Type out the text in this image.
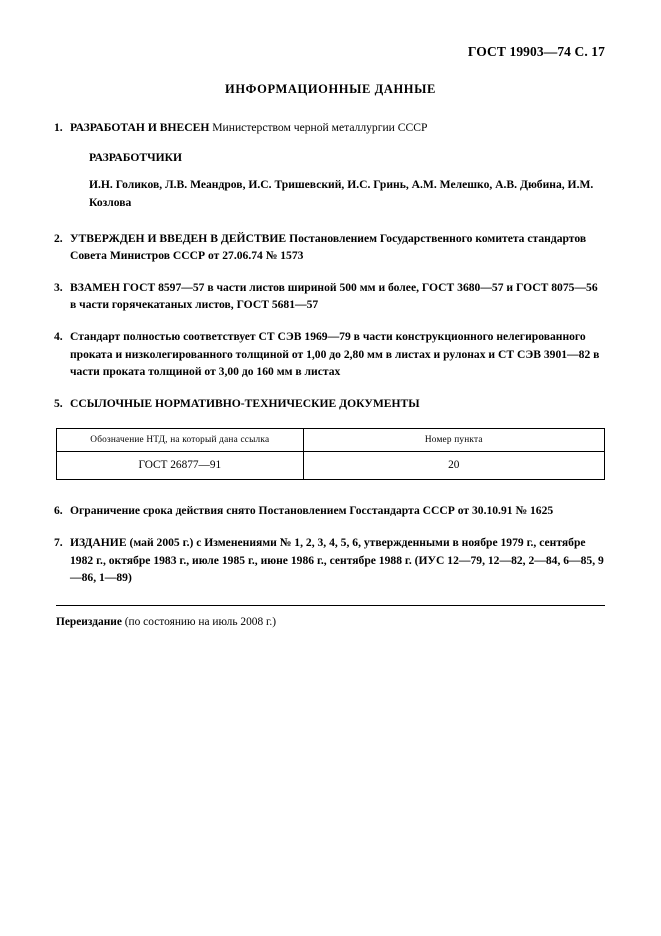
ГОСТ 19903—74 С. 17
ИНФОРМАЦИОННЫЕ ДАННЫЕ
1. РАЗРАБОТАН И ВНЕСЕН Министерством черной металлургии СССР
РАЗРАБОТЧИКИ
И.Н. Голиков, Л.В. Меандров, И.С. Тришевский, И.С. Гринь, А.М. Мелешко, А.В. Дюбина, И.М. Козлова
2. УТВЕРЖДЕН И ВВЕДЕН В ДЕЙСТВИЕ Постановлением Государственного комитета стандартов Совета Министров СССР от 27.06.74 № 1573
3. ВЗАМЕН ГОСТ 8597—57 в части листов шириной 500 мм и более, ГОСТ 3680—57 и ГОСТ 8075—56 в части горячекатаных листов, ГОСТ 5681—57
4. Стандарт полностью соответствует СТ СЭВ 1969—79 в части конструкционного нелегированного проката и низколегированного толщиной от 1,00 до 2,80 мм в листах и рулонах и СТ СЭВ 3901—82 в части проката толщиной от 3,00 до 160 мм в листах
5. ССЫЛОЧНЫЕ НОРМАТИВНО-ТЕХНИЧЕСКИЕ ДОКУМЕНТЫ
Обозначение НТД, на который дана ссылка	Номер пункта
ГОСТ 26877—91	20
6. Ограничение срока действия снято Постановлением Госстандарта СССР от 30.10.91 № 1625
7. ИЗДАНИЕ (май 2005 г.) с Изменениями № 1, 2, 3, 4, 5, 6, утвержденными в ноябре 1979 г., сентябре 1982 г., октябре 1983 г., июле 1985 г., июне 1986 г., сентябре 1988 г. (ИУС 12—79, 12—82, 2—84, 6—85, 9—86, 1—89)
Переиздание (по состоянию на июль 2008 г.)
